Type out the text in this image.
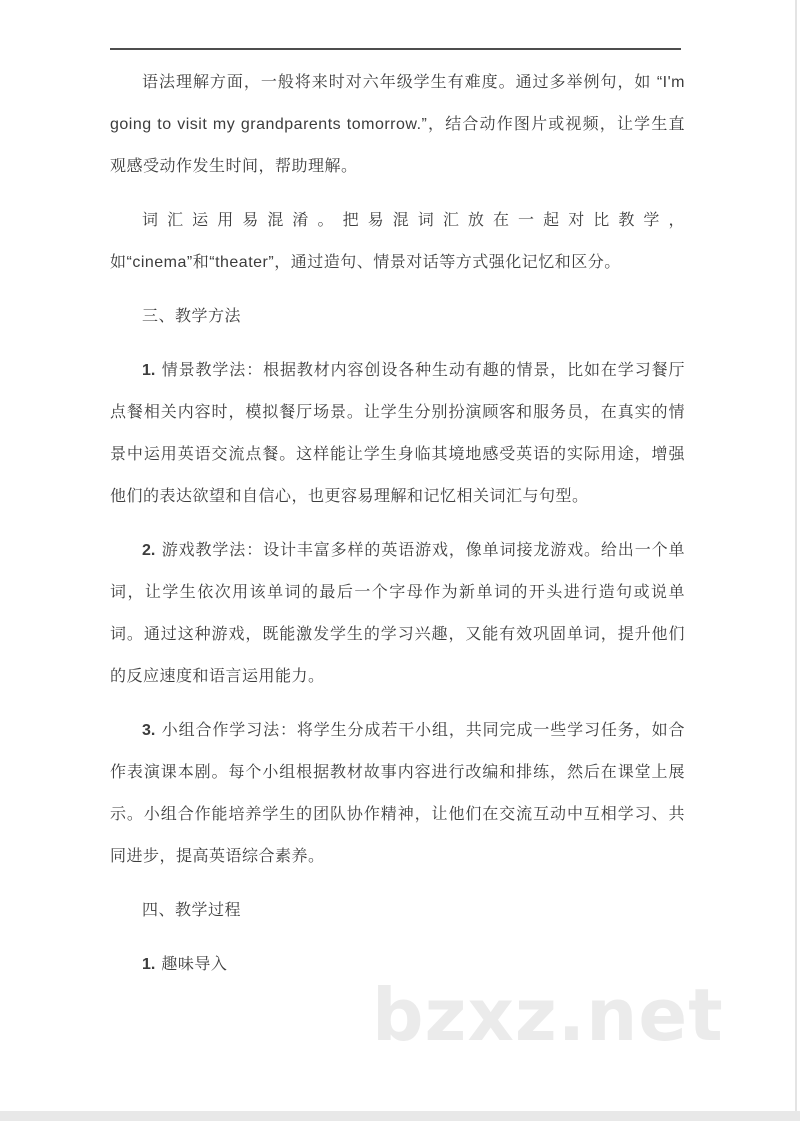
语法理解方面，一般将来时对六年级学生有难度。通过多举例句，如 “I'm going to visit my grandparents tomorrow.”，结合动作图片或视频，让学生直观感受动作发生时间，帮助理解。

词汇运用易混淆。把易混词汇放在一起对比教学，如“cinema”和“theater”，通过造句、情景对话等方式强化记忆和区分。

三、教学方法

1. 情景教学法：根据教材内容创设各种生动有趣的情景，比如在学习餐厅点餐相关内容时，模拟餐厅场景。让学生分别扮演顾客和服务员，在真实的情景中运用英语交流点餐。这样能让学生身临其境地感受英语的实际用途，增强他们的表达欲望和自信心，也更容易理解和记忆相关词汇与句型。

2. 游戏教学法：设计丰富多样的英语游戏，像单词接龙游戏。给出一个单词，让学生依次用该单词的最后一个字母作为新单词的开头进行造句或说单词。通过这种游戏，既能激发学生的学习兴趣，又能有效巩固单词，提升他们的反应速度和语言运用能力。

3. 小组合作学习法：将学生分成若干小组，共同完成一些学习任务，如合作表演课本剧。每个小组根据教材故事内容进行改编和排练，然后在课堂上展示。小组合作能培养学生的团队协作精神，让他们在交流互动中互相学习、共同进步，提高英语综合素养。

四、教学过程

1. 趣味导入

bzxz.net
